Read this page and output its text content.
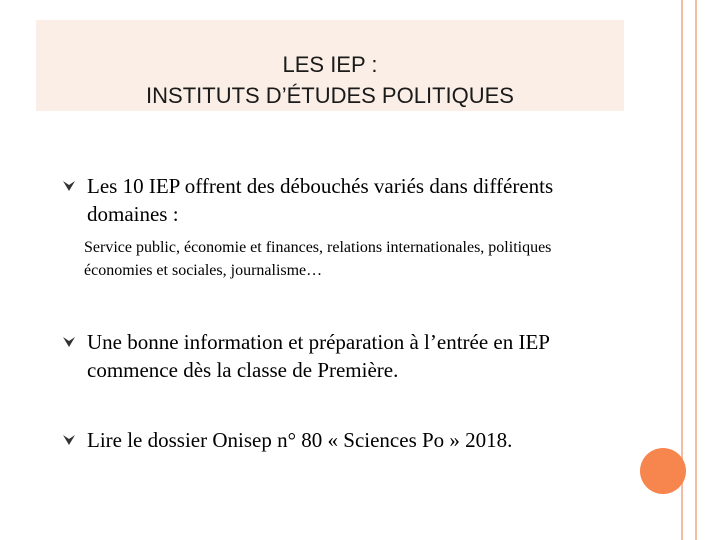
LES IEP :
INSTITUTS D’ÉTUDES POLITIQUES
Les 10 IEP offrent des débouchés variés dans différents domaines :
Service public, économie et finances, relations internationales, politiques économies et sociales, journalisme…
Une bonne information et préparation à l’entrée en IEP commence dès la classe de Première.
Lire le dossier Onisep n° 80 « Sciences Po » 2018.
